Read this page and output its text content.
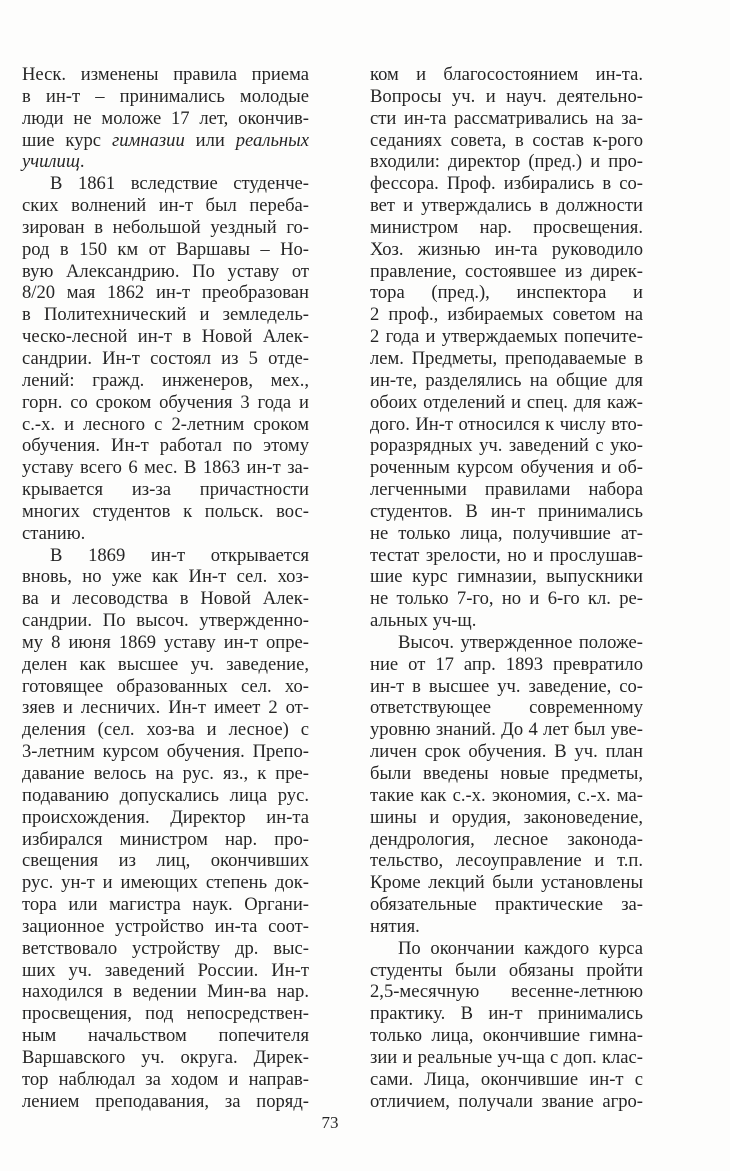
Неск. изменены правила приема
в ин-т – принимались молодые
люди не моложе 17 лет, окончив-
шие курс гимназии или реальных
училищ.
В 1861 вследствие студенче-
ских волнений ин-т был переба-
зирован в небольшой уездный го-
род в 150 км от Варшавы – Но-
вую Александрию. По уставу от
8/20 мая 1862 ин-т преобразован
в Политехнический и земледель-
ческо-лесной ин-т в Новой Алек-
сандрии. Ин-т состоял из 5 отде-
лений: гражд. инженеров, мех.,
горн. со сроком обучения 3 года и
с.-х. и лесного с 2-летним сроком
обучения. Ин-т работал по этому
уставу всего 6 мес. В 1863 ин-т за-
крывается из-за причастности
многих студентов к польск. вос-
станию.
В 1869 ин-т открывается
вновь, но уже как Ин-т сел. хоз-
ва и лесоводства в Новой Алек-
сандрии. По высоч. утвержденно-
му 8 июня 1869 уставу ин-т опре-
делен как высшее уч. заведение,
готовящее образованных сел. хо-
зяев и лесничих. Ин-т имеет 2 от-
деления (сел. хоз-ва и лесное) с
3-летним курсом обучения. Препо-
давание велось на рус. яз., к пре-
подаванию допускались лица рус.
происхождения. Директор ин-та
избирался министром нар. про-
свещения из лиц, окончивших
рус. ун-т и имеющих степень док-
тора или магистра наук. Органи-
зационное устройство ин-та соот-
ветствовало устройству др. выс-
ших уч. заведений России. Ин-т
находился в ведении Мин-ва нар.
просвещения, под непосредствен-
ным начальством попечителя
Варшавского уч. округа. Дирек-
тор наблюдал за ходом и направ-
лением преподавания, за поряд-
ком и благосостоянием ин-та.
Вопросы уч. и науч. деятельно-
сти ин-та рассматривались на за-
седаниях совета, в состав к-рого
входили: директор (пред.) и про-
фессора. Проф. избирались в со-
вет и утверждались в должности
министром нар. просвещения.
Хоз. жизнью ин-та руководило
правление, состоявшее из дирек-
тора (пред.), инспектора и
2 проф., избираемых советом на
2 года и утверждаемых попечите-
лем. Предметы, преподаваемые в
ин-те, разделялись на общие для
обоих отделений и спец. для каж-
дого. Ин-т относился к числу вто-
роразрядных уч. заведений с уко-
роченным курсом обучения и об-
легченными правилами набора
студентов. В ин-т принимались
не только лица, получившие ат-
тестат зрелости, но и прослушав-
шие курс гимназии, выпускники
не только 7-го, но и 6-го кл. ре-
альных уч-щ.
Высоч. утвержденное положе-
ние от 17 апр. 1893 превратило
ин-т в высшее уч. заведение, со-
ответствующее современному
уровню знаний. До 4 лет был уве-
личен срок обучения. В уч. план
были введены новые предметы,
такие как с.-х. экономия, с.-х. ма-
шины и орудия, законоведение,
дендрология, лесное законода-
тельство, лесоуправление и т.п.
Кроме лекций были установлены
обязательные практические за-
нятия.
По окончании каждого курса
студенты были обязаны пройти
2,5-месячную весенне-летнюю
практику. В ин-т принимались
только лица, окончившие гимна-
зии и реальные уч-ща с доп. клас-
сами. Лица, окончившие ин-т с
отличием, получали звание агро-
73
